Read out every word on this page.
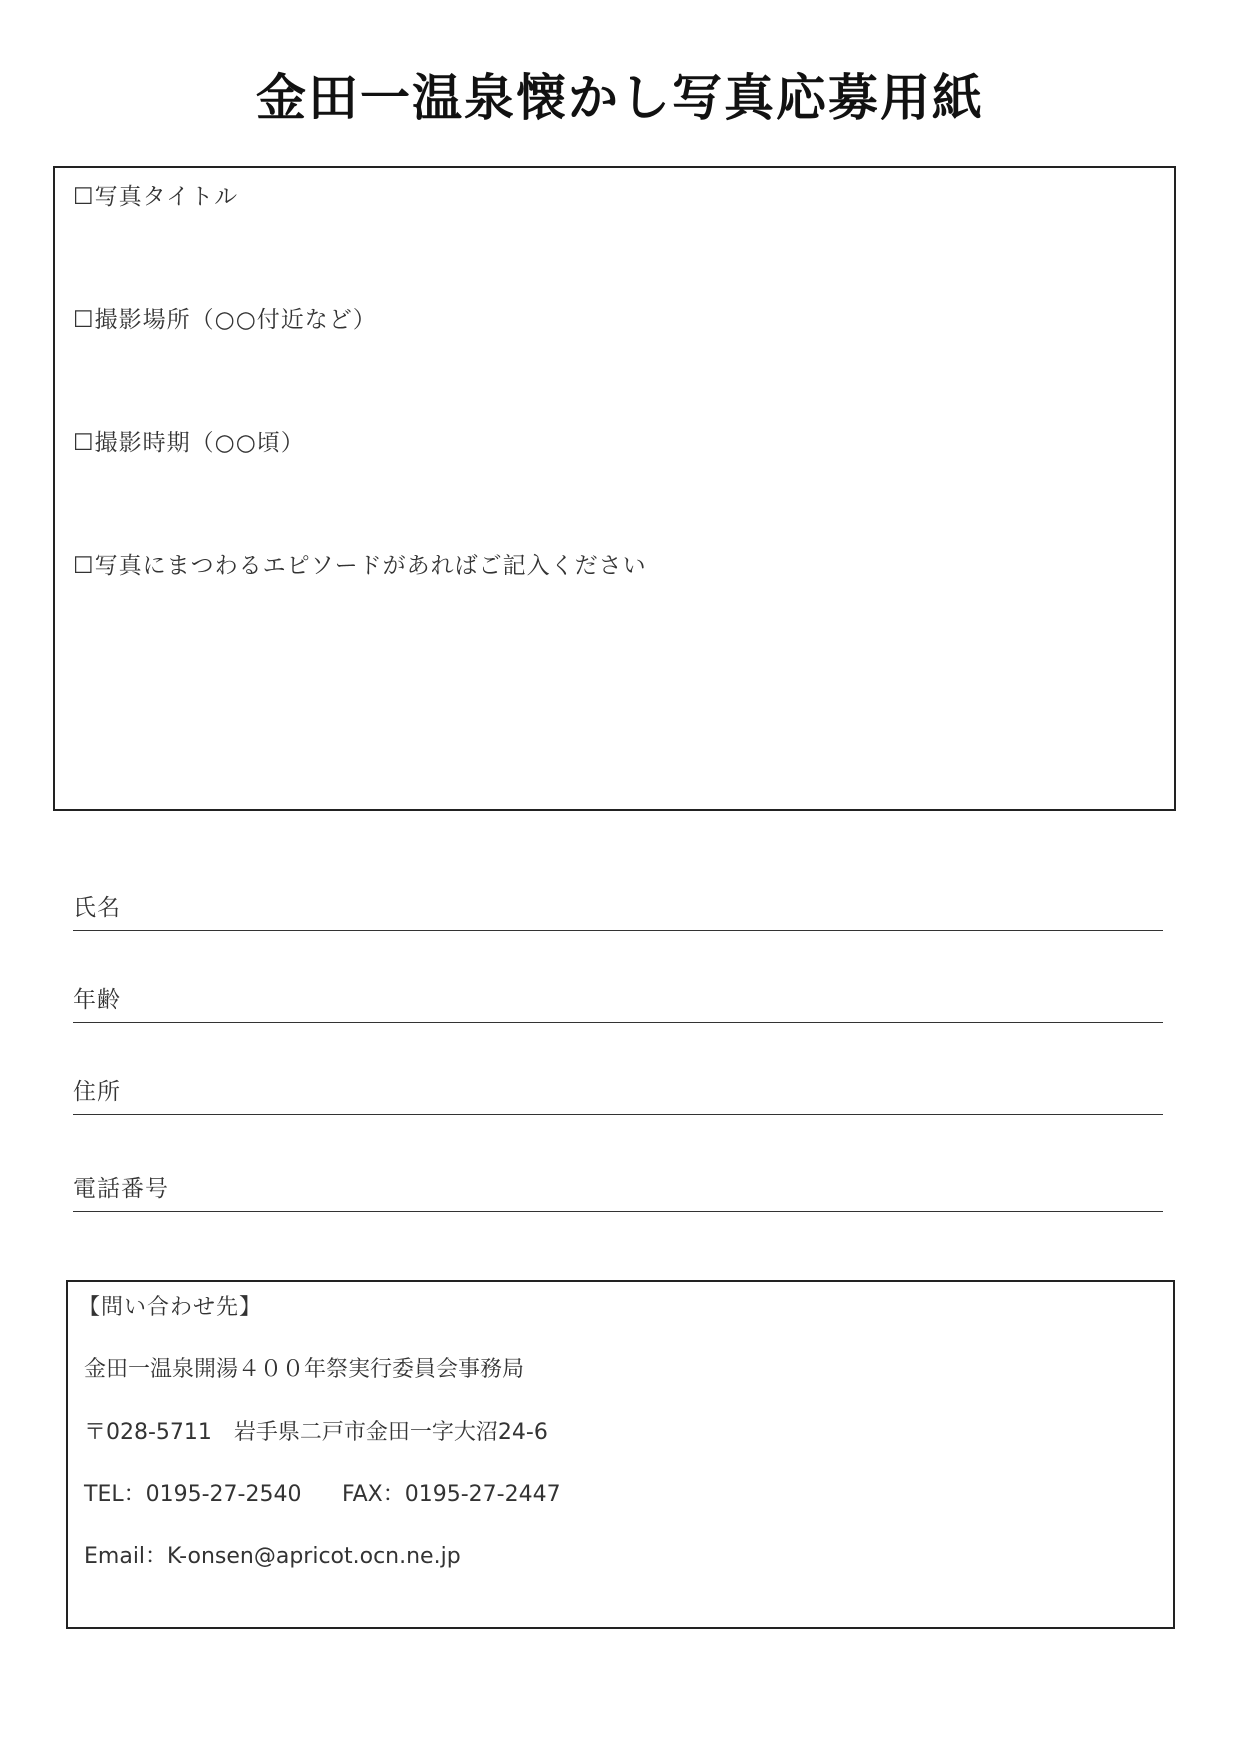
金田一温泉懐かし写真応募用紙
☐写真タイトル
☐撮影場所（○○付近など）
☐撮影時期（○○頃）
☐写真にまつわるエピソードがあればご記入ください
氏名
年齢
住所
電話番号
【問い合わせ先】
金田一温泉開湯４００年祭実行委員会事務局
〒028-5711　岩手県二戸市金田一字大沼24-6
TEL：0195-27-2540 FAX：0195-27-2447
Email：K-onsen@apricot.ocn.ne.jp
